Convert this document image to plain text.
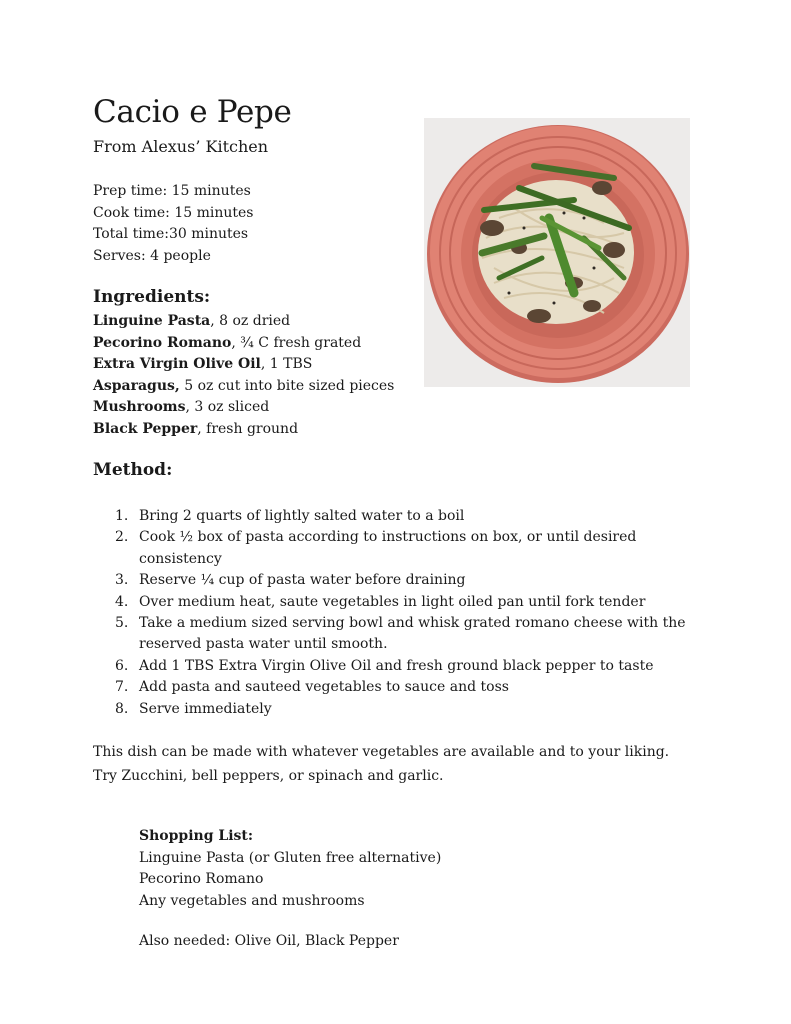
Cacio e Pepe
From Alexus’ Kitchen
Prep time: 15 minutes
Cook time: 15 minutes
Total time:30 minutes
Serves: 4 people
Ingredients:
Linguine Pasta, 8 oz dried
Pecorino Romano, ¾ C fresh grated
Extra Virgin Olive Oil, 1 TBS
Asparagus, 5 oz cut into bite sized pieces
Mushrooms, 3 oz sliced
Black Pepper, fresh ground
Method:
1. Bring 2 quarts of lightly salted water to a boil
2. Cook ½ box of pasta according to instructions on box, or until desired consistency
3. Reserve ¼ cup of pasta water before draining
4. Over medium heat, saute vegetables in light oiled pan until fork tender
5. Take a medium sized serving bowl and whisk grated romano cheese with the reserved pasta water until smooth.
6. Add 1 TBS Extra Virgin Olive Oil and fresh ground black pepper to taste
7. Add pasta and sauteed vegetables to sauce and toss
8. Serve immediately
This dish can be made with whatever vegetables are available and to your liking. Try Zucchini, bell peppers, or spinach and garlic.
Shopping List:
Linguine Pasta (or Gluten free alternative)
Pecorino Romano
Any vegetables and mushrooms
Also needed: Olive Oil, Black Pepper
